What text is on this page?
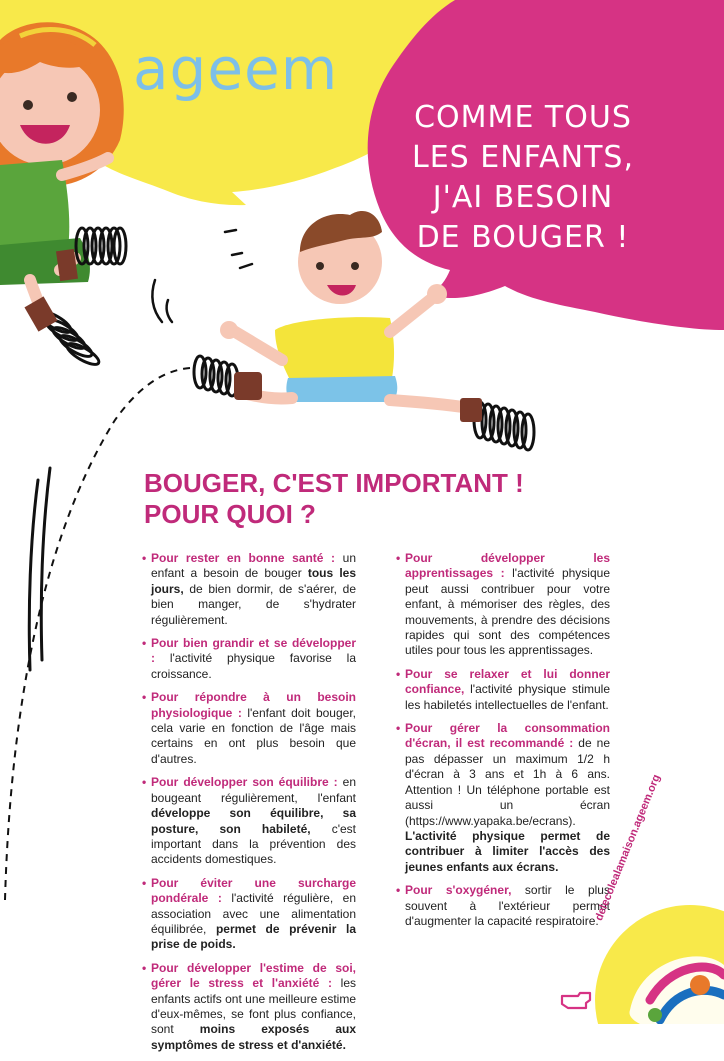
ageem
COMME TOUS
LES ENFANTS,
J'AI BESOIN
DE BOUGER !
BOUGER, C'EST IMPORTANT !
POUR QUOI ?
• Pour rester en bonne santé : un enfant a besoin de bouger tous les jours, de bien dormir, de s'aérer, de bien manger, de s'hydrater régulièrement.
• Pour bien grandir et se développer : l'activité physique favorise la croissance.
• Pour répondre à un besoin physiologique : l'enfant doit bouger, cela varie en fonction de l'âge mais certains en ont plus besoin que d'autres.
• Pour développer son équilibre : en bougeant régulièrement, l'enfant développe son équilibre, sa posture, son habileté, c'est important dans la prévention des accidents domestiques.
• Pour éviter une surcharge pondérale : l'activité régulière, en association avec une alimentation équilibrée, permet de prévenir la prise de poids.
• Pour développer l'estime de soi, gérer le stress et l'anxiété : les enfants actifs ont une meilleure estime d'eux-mêmes, se font plus confiance, sont moins exposés aux symptômes de stress et d'anxiété.
• Pour développer les apprentissages : l'activité physique peut aussi contribuer pour votre enfant, à mémoriser des règles, des mouvements, à prendre des décisions rapides qui sont des compétences utiles pour tous les apprentissages.
• Pour se relaxer et lui donner confiance, l'activité physique stimule les habiletés intellectuelles de l'enfant.
• Pour gérer la consommation d'écran, il est recommandé : de ne pas dépasser un maximum 1/2 h d'écran à 3 ans et 1h à 6 ans. Attention ! Un téléphone portable est aussi un écran (https://www.yapaka.be/ecrans). L'activité physique permet de contribuer à limiter l'accès des jeunes enfants aux écrans.
• Pour s'oxygéner, sortir le plus souvent à l'extérieur permet d'augmenter la capacité respiratoire.
delecolealamaison.ageem.org
